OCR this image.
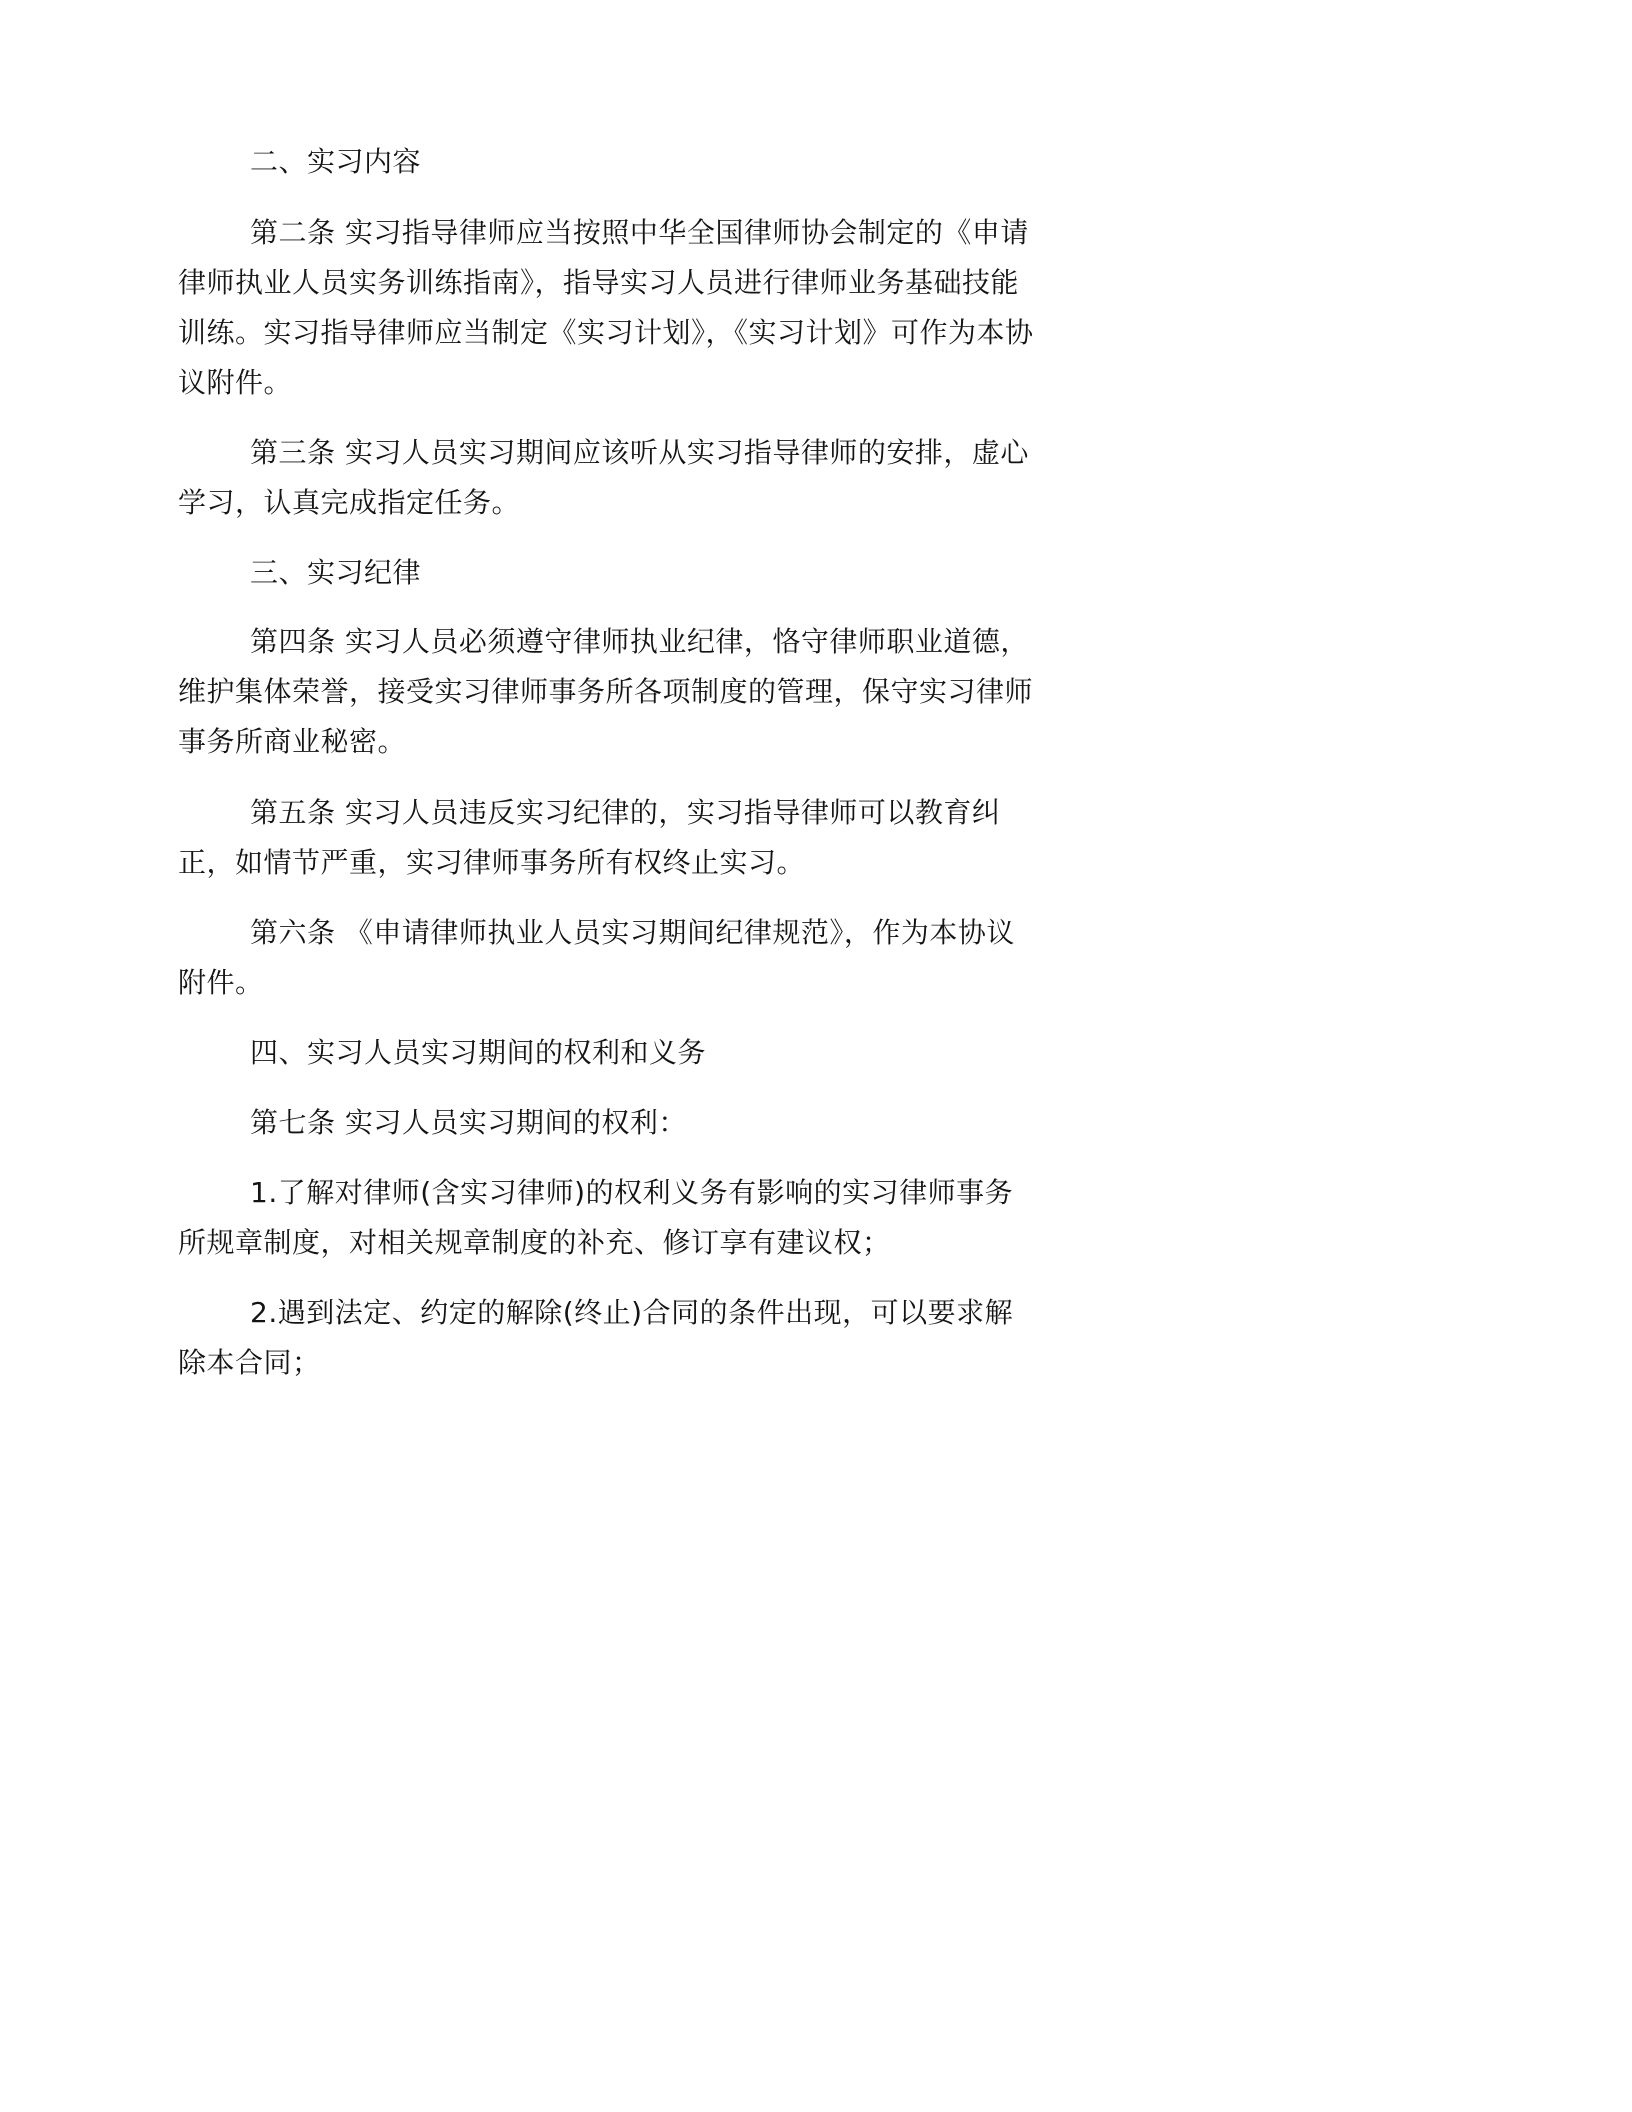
二、实习内容

第二条 实习指导律师应当按照中华全国律师协会制定的《申请律师执业人员实务训练指南》，指导实习人员进行律师业务基础技能训练。实习指导律师应当制定《实习计划》，《实习计划》可作为本协议附件。

第三条 实习人员实习期间应该听从实习指导律师的安排，虚心学习，认真完成指定任务。

三、实习纪律

第四条 实习人员必须遵守律师执业纪律，恪守律师职业道德，维护集体荣誉，接受实习律师事务所各项制度的管理，保守实习律师事务所商业秘密。

第五条 实习人员违反实习纪律的，实习指导律师可以教育纠正，如情节严重，实习律师事务所有权终止实习。

第六条 《申请律师执业人员实习期间纪律规范》，作为本协议附件。

四、实习人员实习期间的权利和义务

第七条 实习人员实习期间的权利：

1.了解对律师(含实习律师)的权利义务有影响的实习律师事务所规章制度，对相关规章制度的补充、修订享有建议权；

2.遇到法定、约定的解除(终止)合同的条件出现，可以要求解除本合同；
